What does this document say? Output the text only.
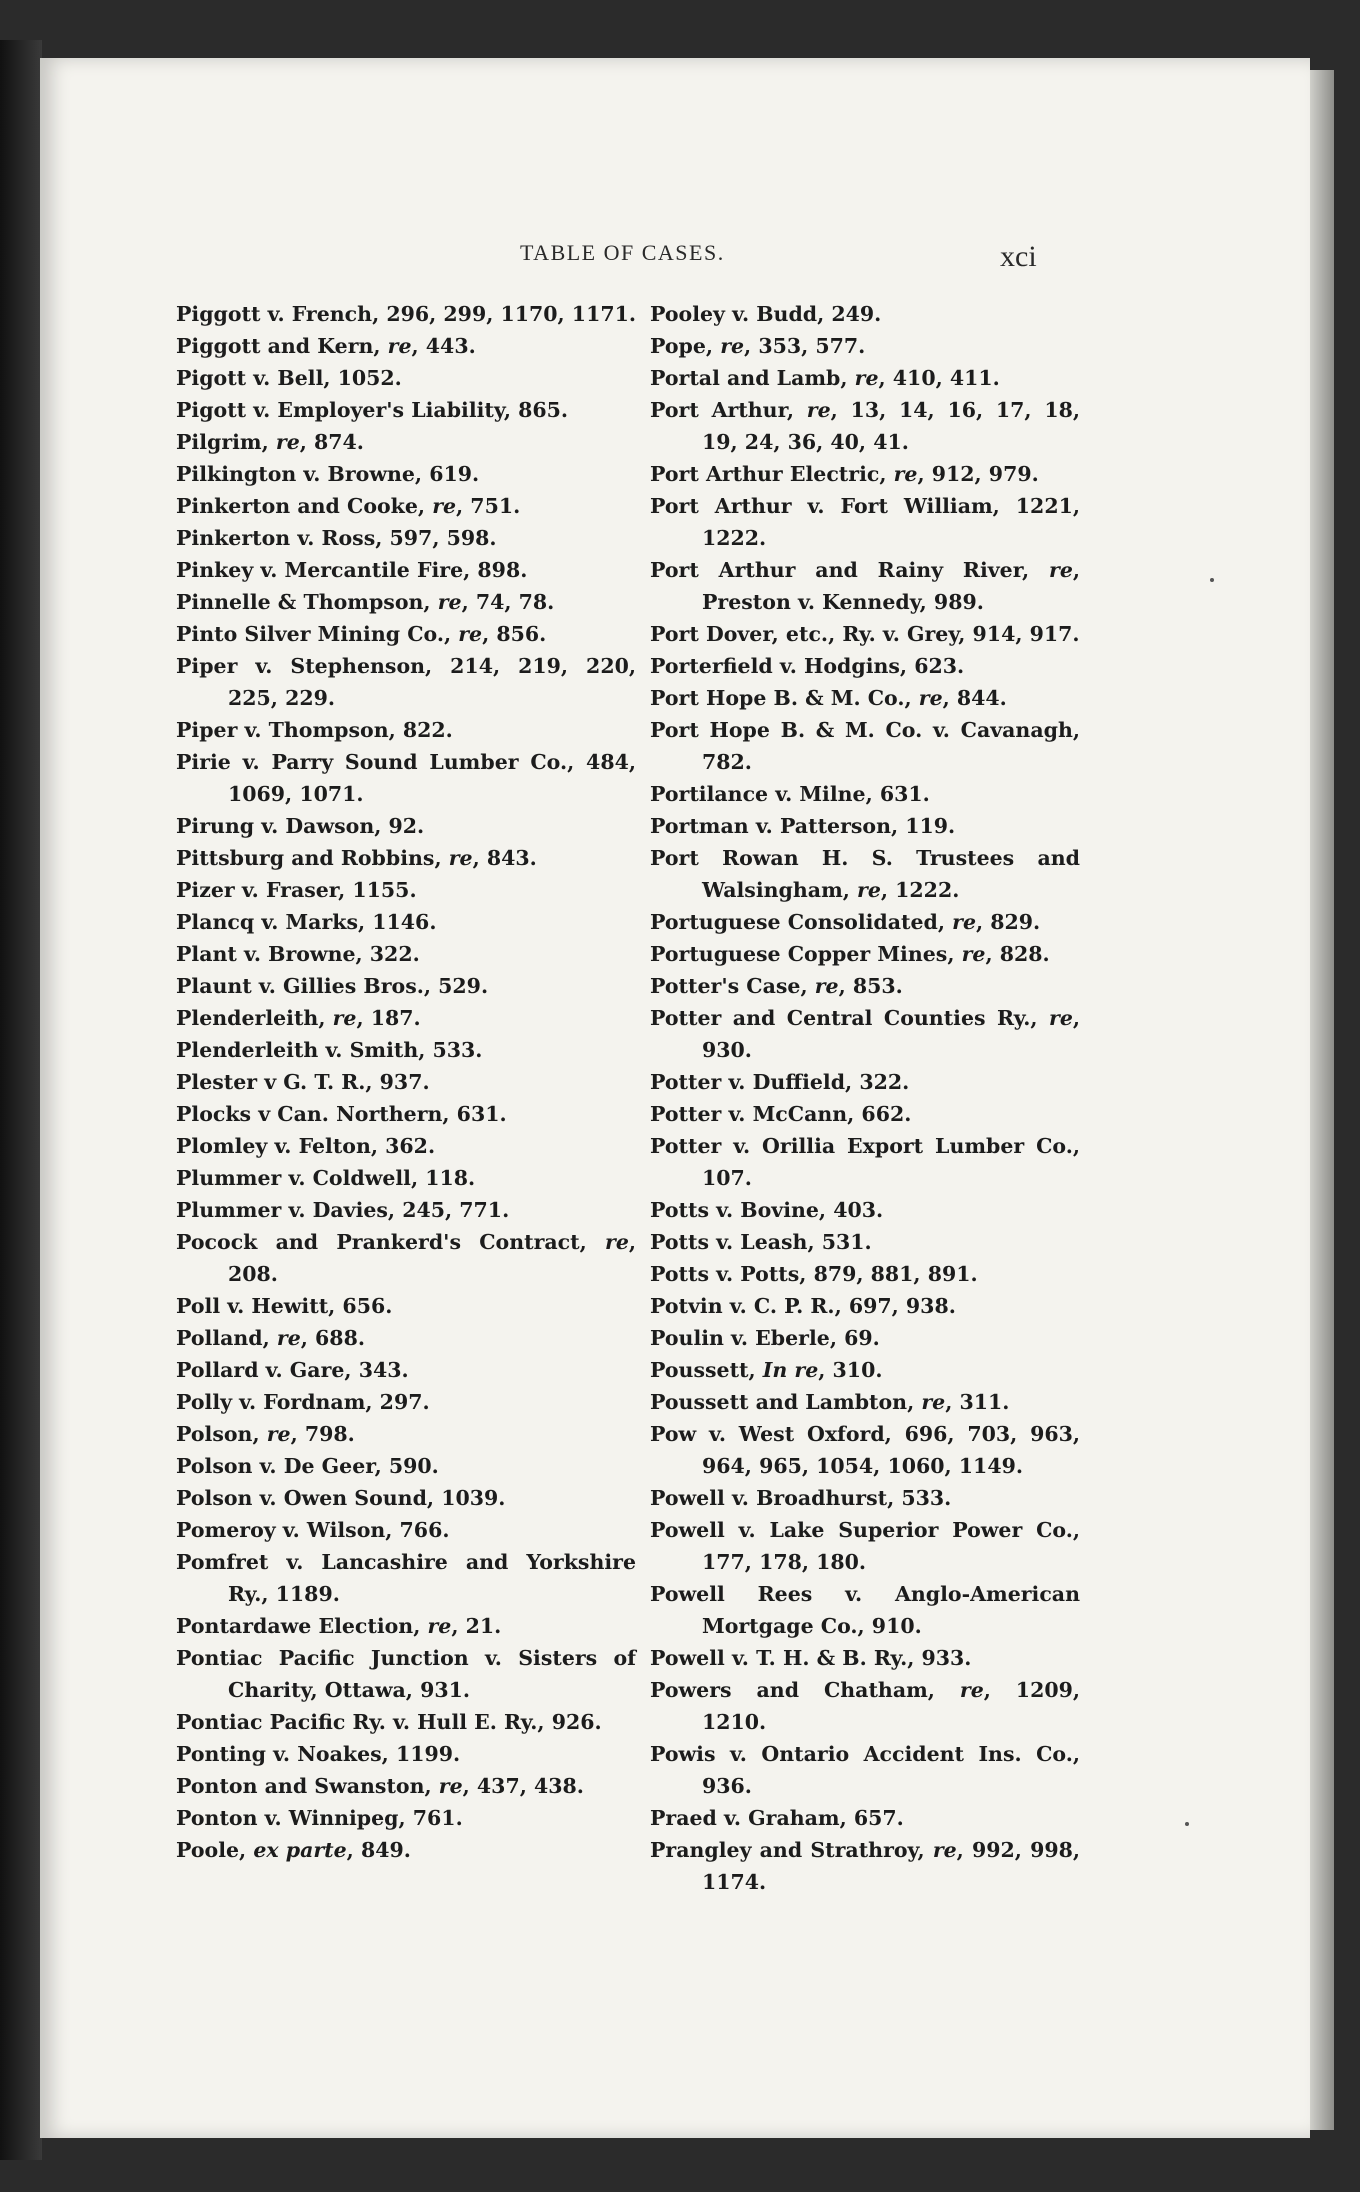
TABLE OF CASES.	xci
Piggott v. French, 296, 299, 1170, 1171.
Piggott and Kern, re, 443.
Pigott v. Bell, 1052.
Pigott v. Employer's Liability, 865.
Pilgrim, re, 874.
Pilkington v. Browne, 619.
Pinkerton and Cooke, re, 751.
Pinkerton v. Ross, 597, 598.
Pinkey v. Mercantile Fire, 898.
Pinnelle & Thompson, re, 74, 78.
Pinto Silver Mining Co., re, 856.
Piper v. Stephenson, 214, 219, 220, 225, 229.
Piper v. Thompson, 822.
Pirie v. Parry Sound Lumber Co., 484, 1069, 1071.
Pirung v. Dawson, 92.
Pittsburg and Robbins, re, 843.
Pizer v. Fraser, 1155.
Plancq v. Marks, 1146.
Plant v. Browne, 322.
Plaunt v. Gillies Bros., 529.
Plenderleith, re, 187.
Plenderleith v. Smith, 533.
Plester v G. T. R., 937.
Plocks v Can. Northern, 631.
Plomley v. Felton, 362.
Plummer v. Coldwell, 118.
Plummer v. Davies, 245, 771.
Pocock and Prankerd's Contract, re, 208.
Poll v. Hewitt, 656.
Polland, re, 688.
Pollard v. Gare, 343.
Polly v. Fordnam, 297.
Polson, re, 798.
Polson v. De Geer, 590.
Polson v. Owen Sound, 1039.
Pomeroy v. Wilson, 766.
Pomfret v. Lancashire and Yorkshire Ry., 1189.
Pontardawe Election, re, 21.
Pontiac Pacific Junction v. Sisters of Charity, Ottawa, 931.
Pontiac Pacific Ry. v. Hull E. Ry., 926.
Ponting v. Noakes, 1199.
Ponton and Swanston, re, 437, 438.
Ponton v. Winnipeg, 761.
Poole, ex parte, 849.
Pooley v. Budd, 249.
Pope, re, 353, 577.
Portal and Lamb, re, 410, 411.
Port Arthur, re, 13, 14, 16, 17, 18, 19, 24, 36, 40, 41.
Port Arthur Electric, re, 912, 979.
Port Arthur v. Fort William, 1221, 1222.
Port Arthur and Rainy River, re, Preston v. Kennedy, 989.
Port Dover, etc., Ry. v. Grey, 914, 917.
Porterfield v. Hodgins, 623.
Port Hope B. & M. Co., re, 844.
Port Hope B. & M. Co. v. Cavanagh, 782.
Portilance v. Milne, 631.
Portman v. Patterson, 119.
Port Rowan H. S. Trustees and Walsingham, re, 1222.
Portuguese Consolidated, re, 829.
Portuguese Copper Mines, re, 828.
Potter's Case, re, 853.
Potter and Central Counties Ry., re, 930.
Potter v. Duffield, 322.
Potter v. McCann, 662.
Potter v. Orillia Export Lumber Co., 107.
Potts v. Bovine, 403.
Potts v. Leash, 531.
Potts v. Potts, 879, 881, 891.
Potvin v. C. P. R., 697, 938.
Poulin v. Eberle, 69.
Poussett, In re, 310.
Poussett and Lambton, re, 311.
Pow v. West Oxford, 696, 703, 963, 964, 965, 1054, 1060, 1149.
Powell v. Broadhurst, 533.
Powell v. Lake Superior Power Co., 177, 178, 180.
Powell Rees v. Anglo-American Mortgage Co., 910.
Powell v. T. H. & B. Ry., 933.
Powers and Chatham, re, 1209, 1210.
Powis v. Ontario Accident Ins. Co., 936.
Praed v. Graham, 657.
Prangley and Strathroy, re, 992, 998, 1174.
